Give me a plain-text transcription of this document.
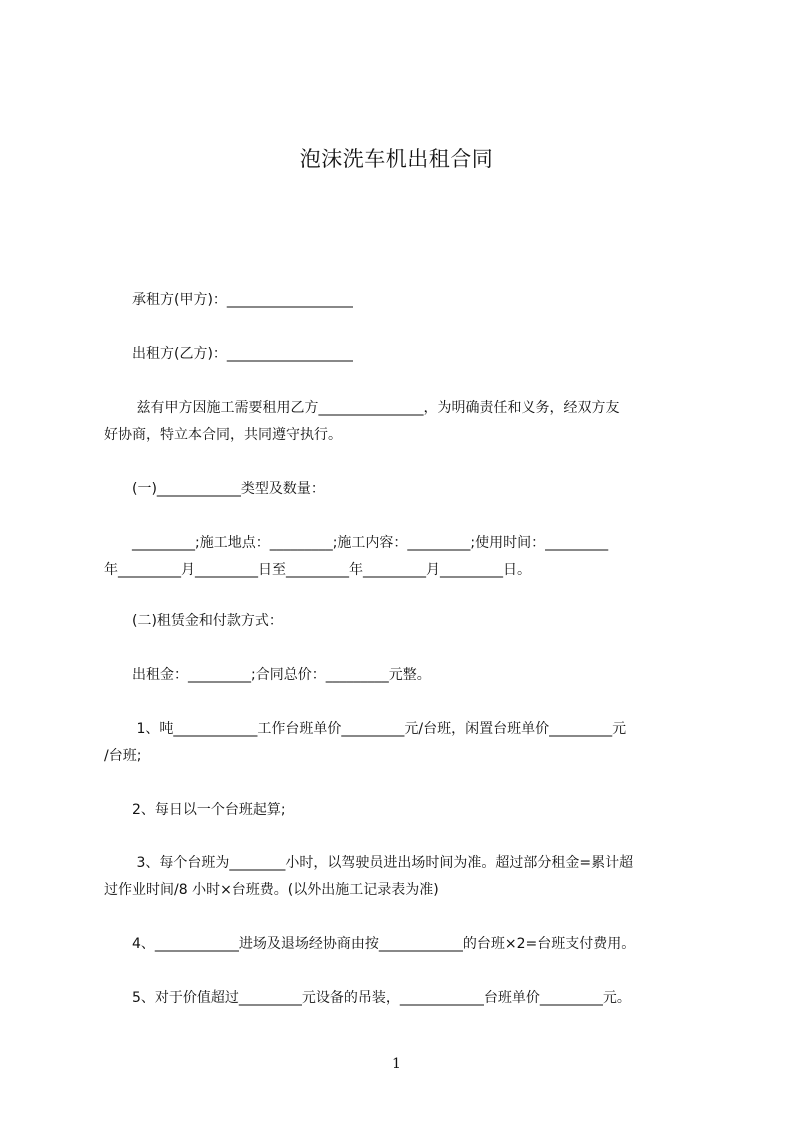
泡沫洗车机出租合同
　　承租方(甲方)：__________________
　　出租方(乙方)：__________________
　　 兹有甲方因施工需要租用乙方_______________，为明确责任和义务，经双方友
好协商，特立本合同，共同遵守执行。
　　(一)____________类型及数量：
　　_________;施工地点：_________;施工内容：_________;使用时间：_________
年_________月_________日至_________年_________月_________日。
　　(二)租赁金和付款方式：
　　出租金：_________;合同总价：_________元整。
　　 1、吨____________工作台班单价_________元/台班，闲置台班单价_________元
/台班;
　　2、每日以一个台班起算;
　　 3、每个台班为________小时，以驾驶员进出场时间为准。超过部分租金=累计超
过作业时间/8 小时×台班费。(以外出施工记录表为准)
　　4、____________进场及退场经协商由按____________的台班×2=台班支付费用。
　　5、对于价值超过_________元设备的吊装，____________台班单价_________元。
1
